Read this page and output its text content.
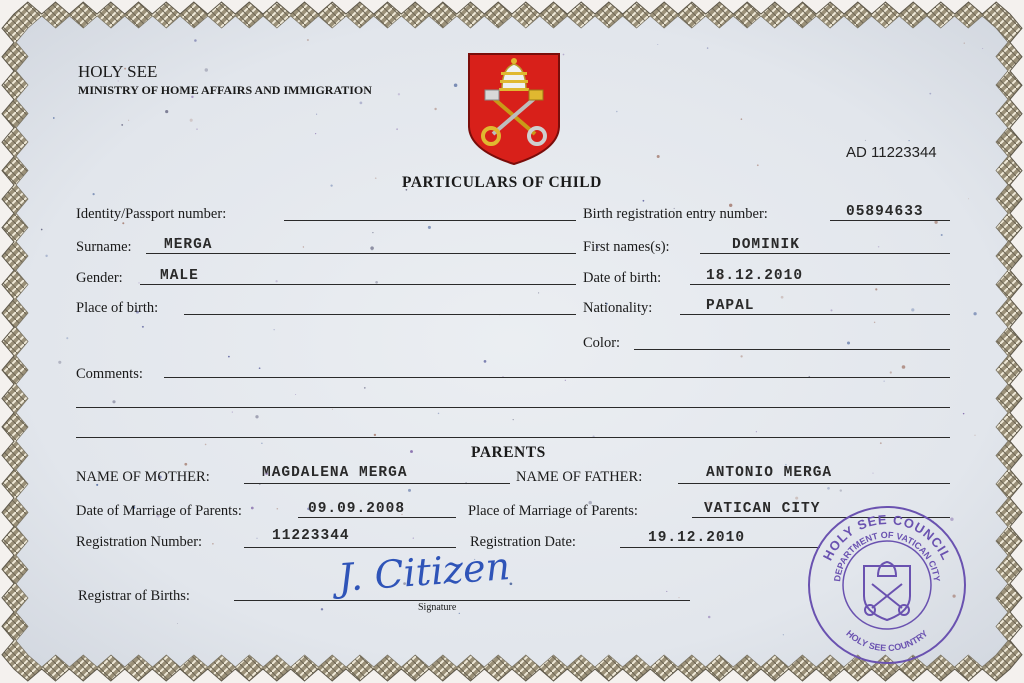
HOLY SEE
MINISTRY OF HOME AFFAIRS AND IMMIGRATION
AD 11223344
PARTICULARS OF CHILD
Identity/Passport number:	Birth registration entry number:	05894633
Surname: MERGA	First names(s):	DOMINIK
Gender:	MALE	Date of birth:	18.12.2010
Place of birth:	Nationality:	PAPAL
Color:
Comments:
PARENTS
NAME OF MOTHER:	MAGDALENA MERGA	NAME OF FATHER:	ANTONIO MERGA
Date of Marriage of Parents:	09.09.2008	Place of Marriage of Parents:	VATICAN CITY
Registration Number:	11223344	Registration Date:	19.12.2010
Registrar of Births:	J. Citizen
Signature
HOLY SEE COUNCIL
DEPARTMENT OF VATICAN CITY
HOLY SEE COUNTRY
